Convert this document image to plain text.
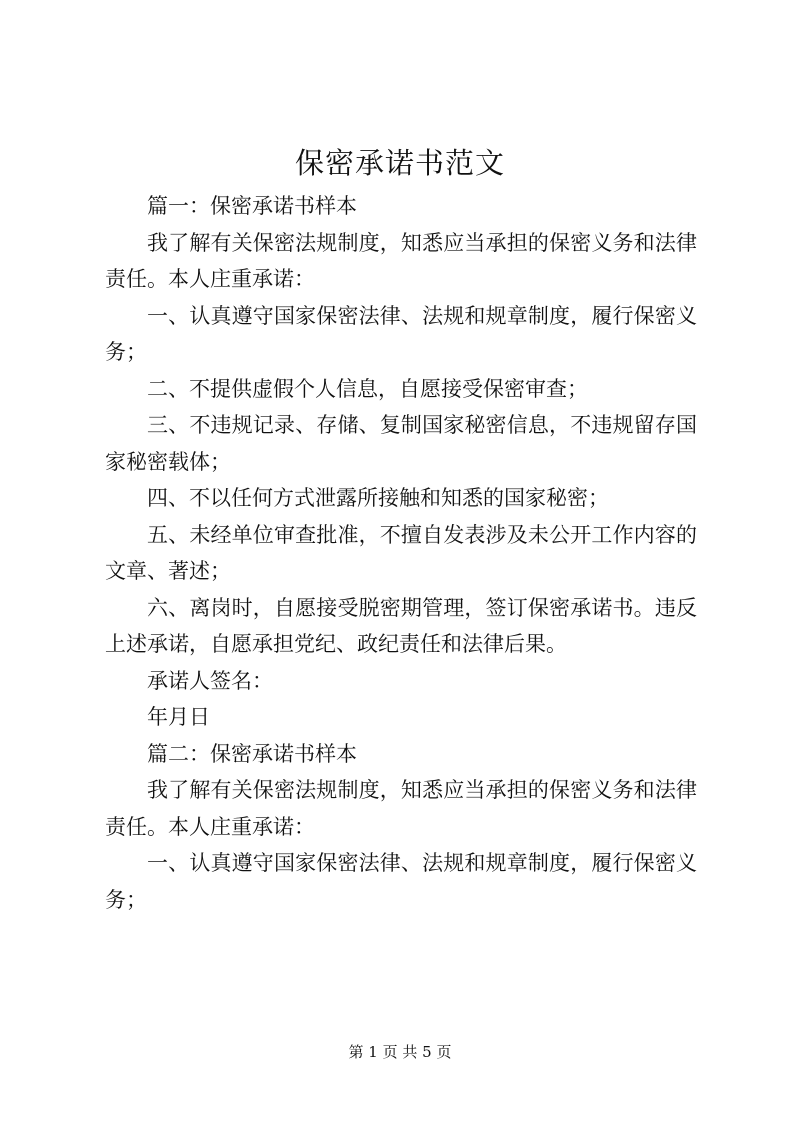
保密承诺书范文

篇一：保密承诺书样本

我了解有关保密法规制度，知悉应当承担的保密义务和法律责任。本人庄重承诺：

一、认真遵守国家保密法律、法规和规章制度，履行保密义务；

二、不提供虚假个人信息，自愿接受保密审查；

三、不违规记录、存储、复制国家秘密信息，不违规留存国家秘密载体；

四、不以任何方式泄露所接触和知悉的国家秘密；

五、未经单位审查批准，不擅自发表涉及未公开工作内容的文章、著述；

六、离岗时，自愿接受脱密期管理，签订保密承诺书。违反上述承诺，自愿承担党纪、政纪责任和法律后果。

承诺人签名：

年月日

篇二：保密承诺书样本

我了解有关保密法规制度，知悉应当承担的保密义务和法律责任。本人庄重承诺：

一、认真遵守国家保密法律、法规和规章制度，履行保密义务；

第 1 页 共 5 页
